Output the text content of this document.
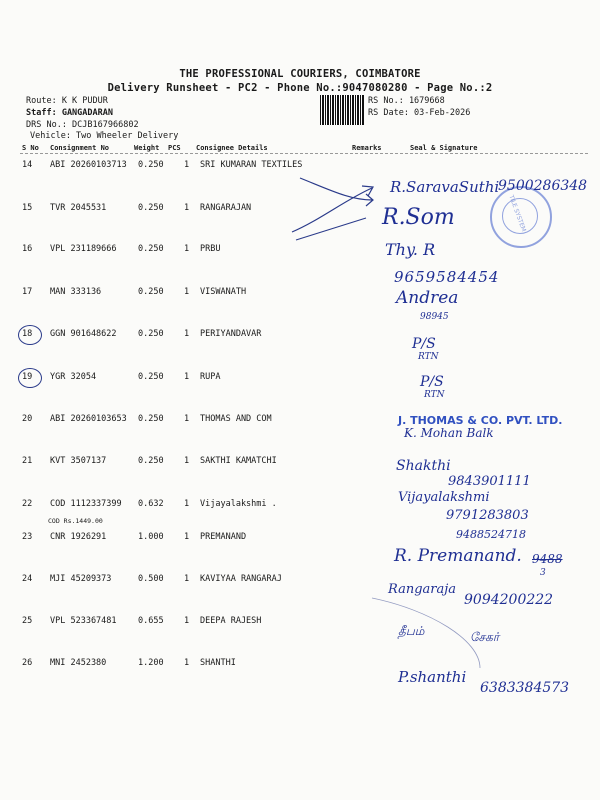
THE PROFESSIONAL COURIERS, COIMBATORE
Delivery Runsheet - PC2 - Phone No.:9047080280 - Page No.:2
Route: K K PUDUR
Staff: GANGADARAN
DRS No.: DCJB167966802
Vehicle: Two Wheeler Delivery
RS No.: 1679668
RS Date: 03-Feb-2026
S No Consignment No	Weight PCS Consignee Details	Remarks	Seal & Signature
14	ABI 20260103713 0.250 1 SRI KUMARAN TEXTILES
15	TVR 2045531	0.250 1 RANGARAJAN
16	VPL 231189666	0.250 1 PRBU
17	MAN 333136	0.250 1 VISWANATH
18	GGN 901648622	0.250 1 PERIYANDAVAR
19	YGR 32054	0.250 1 RUPA
20	ABI 20260103653 0.250 1 THOMAS AND COM
21	KVT 3507137	0.250 1 SAKTHI KAMATCHI
22	COD 1112337399 0.632 1 Vijayalakshmi .
COD Rs.1449.00
23	CNR 1926291	1.000 1 PREMANAND
24	MJI 45209373	0.500 1 KAVIYAA RANGARAJ
25	VPL 523367481	0.655 1 DEEPA RAJESH
26	MNI 2452380	1.200 1 SHANTHI
TILE SYSTEM
R.SaravaSuthi
9500286348
R.Som
Thy. R
9659584454
Andrea
98945
P/S
RTN
P/S
RTN
J. THOMAS & CO. PVT. LTD.
K. Mohan Balk
Shakthi
9843901111
Vijayalakshmi
9791283803
9488524718
R. Premanand. 9488
3
Rangaraja
9094200222
தீபம்	சேகர்
P.shanthi
6383384573
